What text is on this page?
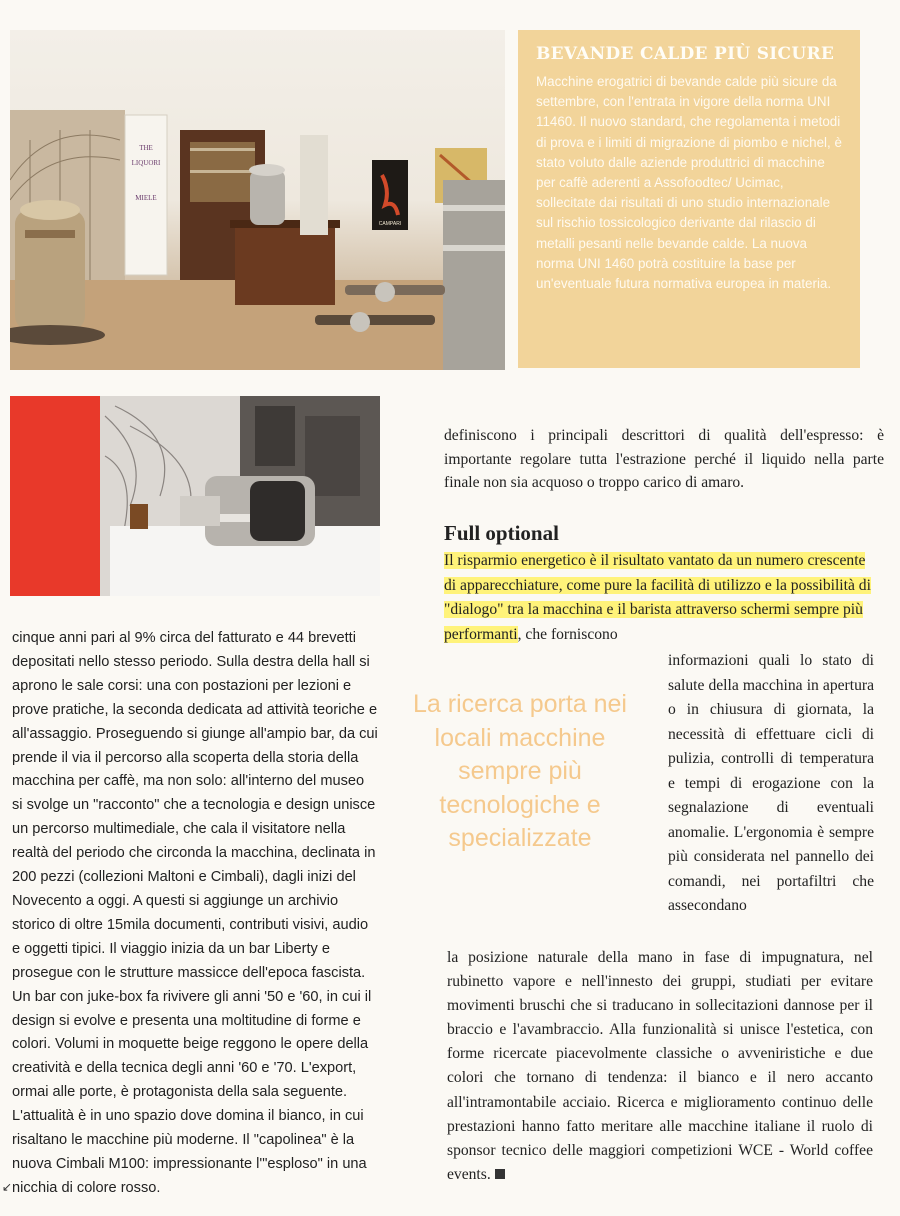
THE
LIQUORI
MIELE
CAMPARI
BEVANDE CALDE PIÙ SICURE

Macchine erogatrici di bevande calde più sicure da settembre, con l'entrata in vigore della norma UNI 11460. Il nuovo standard, che regolamenta i metodi di prova e i limiti di migrazione di piombo e nichel, è stato voluto dalle aziende produttrici di macchine per caffè aderenti a Assofoodtec/ Ucimac, sollecitate dai risultati di uno studio internazionale sul rischio tossicologico derivante dal rilascio di metalli pesanti nelle bevande calde. La nuova norma UNI 1460 potrà costituire la base per un'eventuale futura normativa europea in materia.

cinque anni pari al 9% circa del fatturato e 44 brevetti depositati nello stesso periodo. Sulla destra della hall si aprono le sale corsi: una con postazioni per lezioni e prove pratiche, la seconda dedicata ad attività teoriche e all'assaggio. Proseguendo si giunge all'ampio bar, da cui prende il via il percorso alla scoperta della storia della macchina per caffè, ma non solo: all'interno del museo si svolge un "racconto" che a tecnologia e design unisce un percorso multimediale, che cala il visitatore nella realtà del periodo che circonda la macchina, declinata in 200 pezzi (collezioni Maltoni e Cimbali), dagli inizi del Novecento a oggi. A questi si aggiunge un archivio storico di oltre 15mila documenti, contributi visivi, audio e oggetti tipici. Il viaggio inizia da un bar Liberty e prosegue con le strutture massicce dell'epoca fascista. Un bar con juke-box fa rivivere gli anni '50 e '60, in cui il design si evolve e presenta una moltitudine di forme e colori. Volumi in moquette beige reggono le opere della creatività e della tecnica degli anni '60 e '70. L'export, ormai alle porte, è protagonista della sala seguente. L'attualità è in uno spazio dove domina il bianco, in cui risaltano le macchine più moderne. Il "capolinea" è la nuova Cimbali M100: impressionante l'"esploso" in una nicchia di colore rosso.

definiscono i principali descrittori di qualità dell'espresso: è importante regolare tutta l'estrazione perché il liquido nella parte finale non sia acquoso o troppo carico di amaro.

Full optional

Il risparmio energetico è il risultato vantato da un numero crescente di apparecchiature, come pure la facilità di utilizzo e la possibilità di "dialogo" tra la macchina e il barista attraverso schermi sempre più performanti, che forniscono

informazioni quali lo stato di salute della macchina in apertura o in chiusura di giornata, la necessità di effettuare cicli di pulizia, controlli di temperatura e tempi di erogazione con la segnalazione di eventuali anomalie. L'ergonomia è sempre più considerata nel pannello dei comandi, nei portafiltri che assecondano

La ricerca porta nei locali macchine sempre più tecnologiche e specializzate

la posizione naturale della mano in fase di impugnatura, nel rubinetto vapore e nell'innesto dei gruppi, studiati per evitare movimenti bruschi che si traducano in sollecitazioni dannose per il braccio e l'avambraccio. Alla funzionalità si unisce l'estetica, con forme ricercate piacevolmente classiche o avveniristiche e due colori che tornano di tendenza: il bianco e il nero accanto all'intramontabile acciaio. Ricerca e miglioramento continuo delle prestazioni hanno fatto meritare alle macchine italiane il ruolo di sponsor tecnico delle maggiori competizioni WCE - World coffee events.

↙
